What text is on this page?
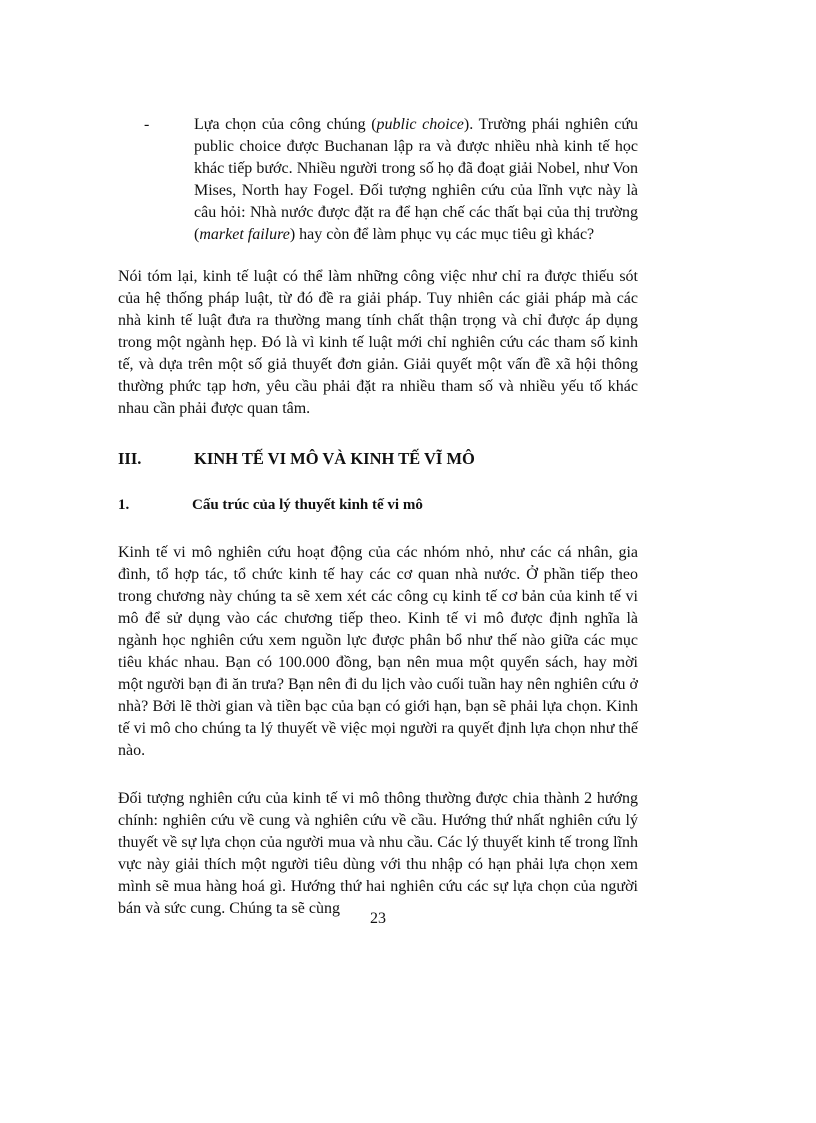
-	Lựa chọn của công chúng (public choice). Trường phái nghiên cứu public choice được Buchanan lập ra và được nhiều nhà kinh tế học khác tiếp bước. Nhiều người trong số họ đã đoạt giải Nobel, như Von Mises, North hay Fogel. Đối tượng nghiên cứu của lĩnh vực này là câu hỏi: Nhà nước được đặt ra để hạn chế các thất bại của thị trường (market failure) hay còn để làm phục vụ các mục tiêu gì khác?

Nói tóm lại, kinh tế luật có thể làm những công việc như chỉ ra được thiếu sót của hệ thống pháp luật, từ đó đề ra giải pháp. Tuy nhiên các giải pháp mà các nhà kinh tế luật đưa ra thường mang tính chất thận trọng và chỉ được áp dụng trong một ngành hẹp. Đó là vì kinh tế luật mới chỉ nghiên cứu các tham số kinh tế, và dựa trên một số giả thuyết đơn giản. Giải quyết một vấn đề xã hội thông thường phức tạp hơn, yêu cầu phải đặt ra nhiều tham số và nhiều yếu tố khác nhau cần phải được quan tâm.

III.	KINH TẾ VI MÔ VÀ KINH TẾ VĨ MÔ
1.	Cấu trúc của lý thuyết kinh tế vi mô

Kinh tế vi mô nghiên cứu hoạt động của các nhóm nhỏ, như các cá nhân, gia đình, tổ hợp tác, tổ chức kinh tế hay các cơ quan nhà nước. Ở phần tiếp theo trong chương này chúng ta sẽ xem xét các công cụ kinh tế cơ bản của kinh tế vi mô để sử dụng vào các chương tiếp theo. Kinh tế vi mô được định nghĩa là ngành học nghiên cứu xem nguồn lực được phân bổ như thế nào giữa các mục tiêu khác nhau. Bạn có 100.000 đồng, bạn nên mua một quyển sách, hay mời một người bạn đi ăn trưa? Bạn nên đi du lịch vào cuối tuần hay nên nghiên cứu ở nhà? Bởi lẽ thời gian và tiền bạc của bạn có giới hạn, bạn sẽ phải lựa chọn. Kinh tế vi mô cho chúng ta lý thuyết về việc mọi người ra quyết định lựa chọn như thế nào.

Đối tượng nghiên cứu của kinh tế vi mô thông thường được chia thành 2 hướng chính: nghiên cứu về cung và nghiên cứu về cầu. Hướng thứ nhất nghiên cứu lý thuyết về sự lựa chọn của người mua và nhu cầu. Các lý thuyết kinh tế trong lĩnh vực này giải thích một người tiêu dùng với thu nhập có hạn phải lựa chọn xem mình sẽ mua hàng hoá gì. Hướng thứ hai nghiên cứu các sự lựa chọn của người bán và sức cung. Chúng ta sẽ cùng

23
